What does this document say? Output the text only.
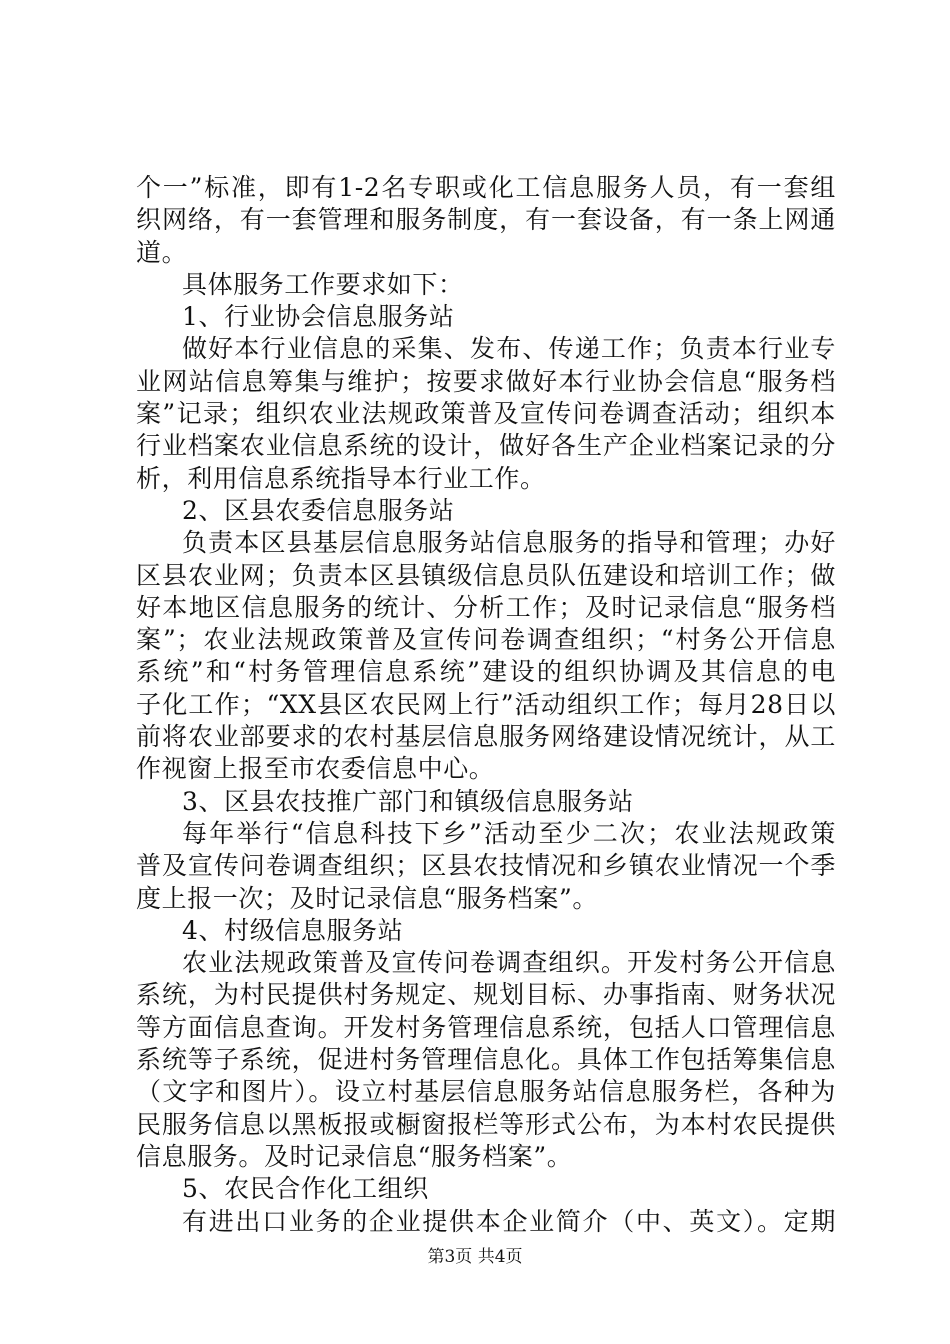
个一”标准，即有1-2名专职或化工信息服务人员，有一套组
织网络，有一套管理和服务制度，有一套设备，有一条上网通
道。
具体服务工作要求如下：
1、行业协会信息服务站
做好本行业信息的采集、发布、传递工作；负责本行业专
业网站信息筹集与维护；按要求做好本行业协会信息“服务档
案”记录；组织农业法规政策普及宣传问卷调查活动；组织本
行业档案农业信息系统的设计，做好各生产企业档案记录的分
析，利用信息系统指导本行业工作。
2、区县农委信息服务站
负责本区县基层信息服务站信息服务的指导和管理；办好
区县农业网；负责本区县镇级信息员队伍建设和培训工作；做
好本地区信息服务的统计、分析工作；及时记录信息“服务档
案”；农业法规政策普及宣传问卷调查组织；“村务公开信息
系统”和“村务管理信息系统”建设的组织协调及其信息的电
子化工作；“XX县区农民网上行”活动组织工作；每月28日以
前将农业部要求的农村基层信息服务网络建设情况统计，从工
作视窗上报至市农委信息中心。
3、区县农技推广部门和镇级信息服务站
每年举行“信息科技下乡”活动至少二次；农业法规政策
普及宣传问卷调查组织；区县农技情况和乡镇农业情况一个季
度上报一次；及时记录信息“服务档案”。
4、村级信息服务站
农业法规政策普及宣传问卷调查组织。开发村务公开信息
系统，为村民提供村务规定、规划目标、办事指南、财务状况
等方面信息查询。开发村务管理信息系统，包括人口管理信息
系统等子系统，促进村务管理信息化。具体工作包括筹集信息
（文字和图片）。设立村基层信息服务站信息服务栏，各种为
民服务信息以黑板报或橱窗报栏等形式公布，为本村农民提供
信息服务。及时记录信息“服务档案”。
5、农民合作化工组织
有进出口业务的企业提供本企业简介（中、英文）。定期
第3页 共4页
